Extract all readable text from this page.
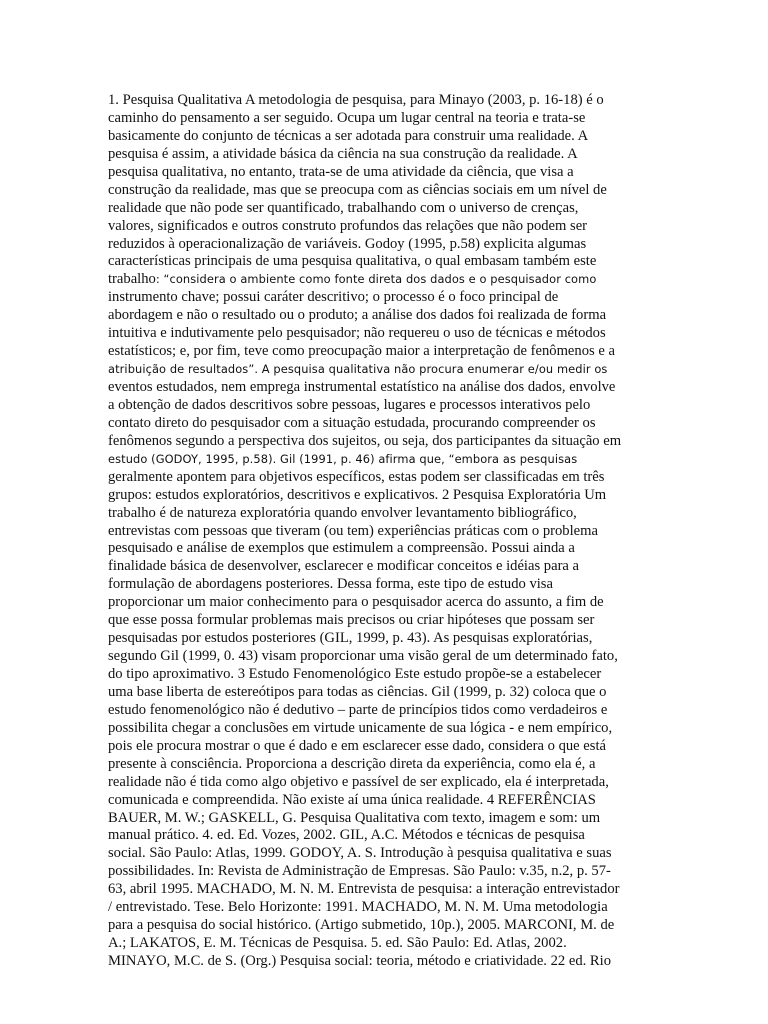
1. Pesquisa Qualitativa A metodologia de pesquisa, para Minayo (2003, p. 16-18) é o
caminho do pensamento a ser seguido. Ocupa um lugar central na teoria e trata-se
basicamente do conjunto de técnicas a ser adotada para construir uma realidade. A
pesquisa é assim, a atividade básica da ciência na sua construção da realidade. A
pesquisa qualitativa, no entanto, trata-se de uma atividade da ciência, que visa a
construção da realidade, mas que se preocupa com as ciências sociais em um nível de
realidade que não pode ser quantificado, trabalhando com o universo de crenças,
valores, significados e outros construto profundos das relações que não podem ser
reduzidos à operacionalização de variáveis. Godoy (1995, p.58) explicita algumas
características principais de uma pesquisa qualitativa, o qual embasam também este
trabalho: “considera o ambiente como fonte direta dos dados e o pesquisador como
instrumento chave; possui caráter descritivo; o processo é o foco principal de
abordagem e não o resultado ou o produto; a análise dos dados foi realizada de forma
intuitiva e indutivamente pelo pesquisador; não requereu o uso de técnicas e métodos
estatísticos; e, por fim, teve como preocupação maior a interpretação de fenômenos e a
atribuição de resultados”. A pesquisa qualitativa não procura enumerar e/ou medir os
eventos estudados, nem emprega instrumental estatístico na análise dos dados, envolve
a obtenção de dados descritivos sobre pessoas, lugares e processos interativos pelo
contato direto do pesquisador com a situação estudada, procurando compreender os
fenômenos segundo a perspectiva dos sujeitos, ou seja, dos participantes da situação em
estudo (GODOY, 1995, p.58). Gil (1991, p. 46) afirma que, “embora as pesquisas
geralmente apontem para objetivos específicos, estas podem ser classificadas em três
grupos: estudos exploratórios, descritivos e explicativos. 2 Pesquisa Exploratória Um
trabalho é de natureza exploratória quando envolver levantamento bibliográfico,
entrevistas com pessoas que tiveram (ou tem) experiências práticas com o problema
pesquisado e análise de exemplos que estimulem a compreensão. Possui ainda a
finalidade básica de desenvolver, esclarecer e modificar conceitos e idéias para a
formulação de abordagens posteriores. Dessa forma, este tipo de estudo visa
proporcionar um maior conhecimento para o pesquisador acerca do assunto, a fim de
que esse possa formular problemas mais precisos ou criar hipóteses que possam ser
pesquisadas por estudos posteriores (GIL, 1999, p. 43). As pesquisas exploratórias,
segundo Gil (1999, 0. 43) visam proporcionar uma visão geral de um determinado fato,
do tipo aproximativo. 3 Estudo Fenomenológico Este estudo propõe-se a estabelecer
uma base liberta de estereótipos para todas as ciências. Gil (1999, p. 32) coloca que o
estudo fenomenológico não é dedutivo – parte de princípios tidos como verdadeiros e
possibilita chegar a conclusões em virtude unicamente de sua lógica - e nem empírico,
pois ele procura mostrar o que é dado e em esclarecer esse dado, considera o que está
presente à consciência. Proporciona a descrição direta da experiência, como ela é, a
realidade não é tida como algo objetivo e passível de ser explicado, ela é interpretada,
comunicada e compreendida. Não existe aí uma única realidade. 4 REFERÊNCIAS
BAUER, M. W.; GASKELL, G. Pesquisa Qualitativa com texto, imagem e som: um
manual prático. 4. ed. Ed. Vozes, 2002. GIL, A.C. Métodos e técnicas de pesquisa
social. São Paulo: Atlas, 1999. GODOY, A. S. Introdução à pesquisa qualitativa e suas
possibilidades. In: Revista de Administração de Empresas. São Paulo: v.35, n.2, p. 57-
63, abril 1995. MACHADO, M. N. M. Entrevista de pesquisa: a interação entrevistador
/ entrevistado. Tese. Belo Horizonte: 1991. MACHADO, M. N. M. Uma metodologia
para a pesquisa do social histórico. (Artigo submetido, 10p.), 2005. MARCONI, M. de
A.; LAKATOS, E. M. Técnicas de Pesquisa. 5. ed. São Paulo: Ed. Atlas, 2002.
MINAYO, M.C. de S. (Org.) Pesquisa social: teoria, método e criatividade. 22 ed. Rio
